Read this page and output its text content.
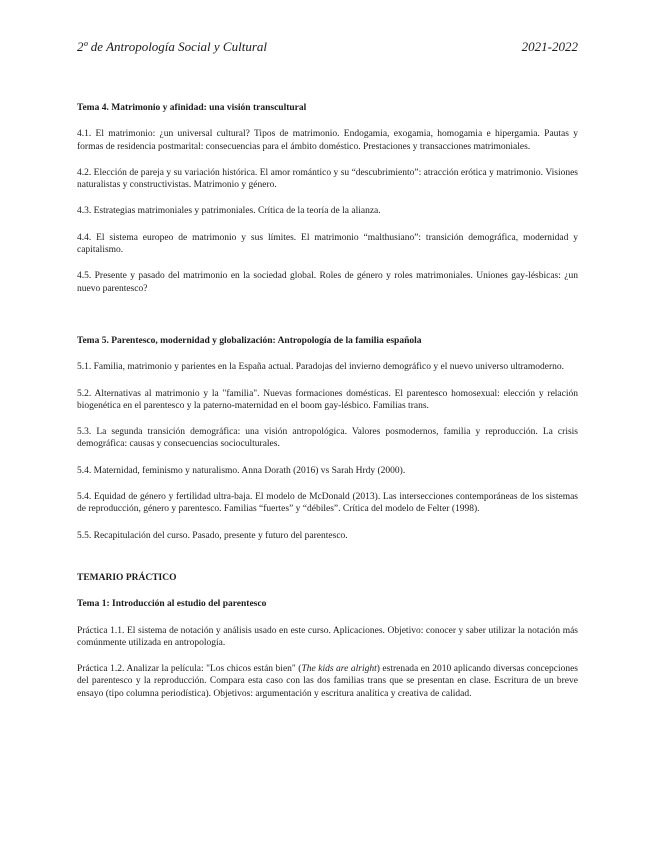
2º de Antropología Social y Cultural	2021-2022

Tema 4. Matrimonio y afinidad: una visión transcultural

4.1. El matrimonio: ¿un universal cultural? Tipos de matrimonio. Endogamia, exogamia, homogamia e hipergamia. Pautas y formas de residencia postmarital: consecuencias para el ámbito doméstico. Prestaciones y transacciones matrimoniales.

4.2. Elección de pareja y su variación histórica. El amor romántico y su “descubrimiento”: atracción erótica y matrimonio. Visiones naturalistas y constructivistas. Matrimonio y género.

4.3. Estrategias matrimoniales y patrimoniales. Crítica de la teoría de la alianza.

4.4. El sistema europeo de matrimonio y sus límites. El matrimonio “malthusiano”: transición demográfica, modernidad y capitalismo.

4.5. Presente y pasado del matrimonio en la sociedad global. Roles de género y roles matrimoniales. Uniones gay-lésbicas: ¿un nuevo parentesco?

Tema 5. Parentesco, modernidad y globalización: Antropología de la familia española

5.1. Familia, matrimonio y parientes en la España actual. Paradojas del invierno demográfico y el nuevo universo ultramoderno.

5.2. Alternativas al matrimonio y la "familia". Nuevas formaciones domésticas. El parentesco homosexual: elección y relación biogenética en el parentesco y la paterno-maternidad en el boom gay-lésbico. Familias trans.

5.3. La segunda transición demográfica: una visión antropológica. Valores posmodernos, familia y reproducción. La crisis demográfica: causas y consecuencias socioculturales.

5.4. Maternidad, feminismo y naturalismo. Anna Dorath (2016) vs Sarah Hrdy (2000).

5.4. Equidad de género y fertilidad ultra-baja. El modelo de McDonald (2013). Las intersecciones contemporáneas de los sistemas de reproducción, género y parentesco. Familias “fuertes” y “débiles”. Crítica del modelo de Felter (1998).

5.5. Recapitulación del curso. Pasado, presente y futuro del parentesco.

TEMARIO PRÁCTICO

Tema 1: Introducción al estudio del parentesco

Práctica 1.1. El sistema de notación y análisis usado en este curso. Aplicaciones. Objetivo: conocer y saber utilizar la notación más comúnmente utilizada en antropología.

Práctica 1.2. Analizar la película: "Los chicos están bien" (The kids are alright) estrenada en 2010 aplicando diversas concepciones del parentesco y la reproducción. Compara esta caso con las dos familias trans que se presentan en clase. Escritura de un breve ensayo (tipo columna periodística). Objetivos: argumentación y escritura analítica y creativa de calidad.
